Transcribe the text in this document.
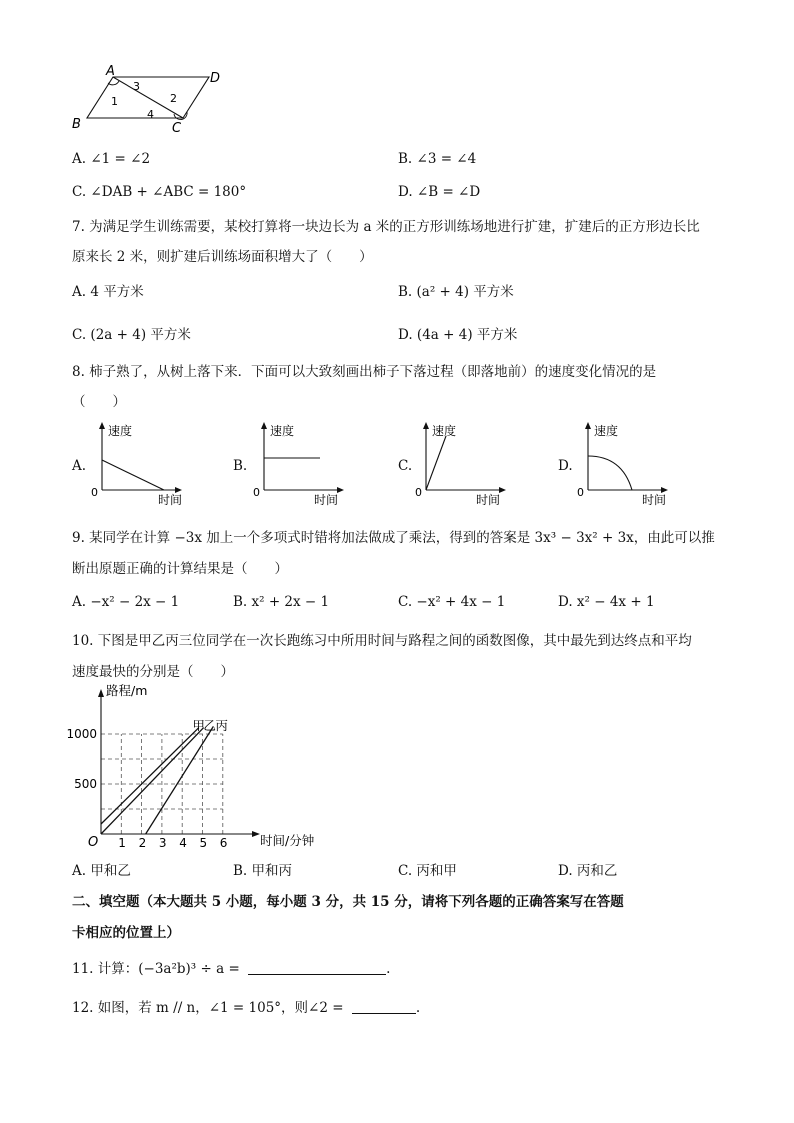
A	D
B	C
1	2
3
4
A. ∠1 = ∠2	B. ∠3 = ∠4
C. ∠DAB + ∠ABC = 180°	D. ∠B = ∠D
7. 为满足学生训练需要，某校打算将一块边长为 a 米的正方形训练场地进行扩建，扩建后的正方形边长比
原来长 2 米，则扩建后训练场面积增大了（　　）
A. 4 平方米	B. (a² + 4) 平方米
C. (2a + 4) 平方米	D. (4a + 4) 平方米
8. 柿子熟了，从树上落下来．下面可以大致刻画出柿子下落过程（即落地前）的速度变化情况的是
（　　）
A.
速度
0
时间
B.
速度
0
时间
C.
速度
0
时间
D.
速度
0
时间
9. 某同学在计算 −3x 加上一个多项式时错将加法做成了乘法，得到的答案是 3x³ − 3x² + 3x，由此可以推
断出原题正确的计算结果是（　　）
A. −x² − 2x − 1	B. x² + 2x − 1	C. −x² + 4x − 1	D. x² − 4x + 1
10. 下图是甲乙丙三位同学在一次长跑练习中所用时间与路程之间的函数图像，其中最先到达终点和平均
速度最快的分别是（　　）
1 2 3 4 5 6
500
1000
甲
乙 丙
路程/m
时间/分钟
O
A. 甲和乙	B. 甲和丙	C. 丙和甲	D. 丙和乙
二、填空题（本大题共 5 小题，每小题 3 分，共 15 分，请将下列各题的正确答案写在答题
卡相应的位置上）
11. 计算：(−3a²b)³ ÷ a =	.
12. 如图，若 m // n，∠1 = 105°，则∠2 =	.
